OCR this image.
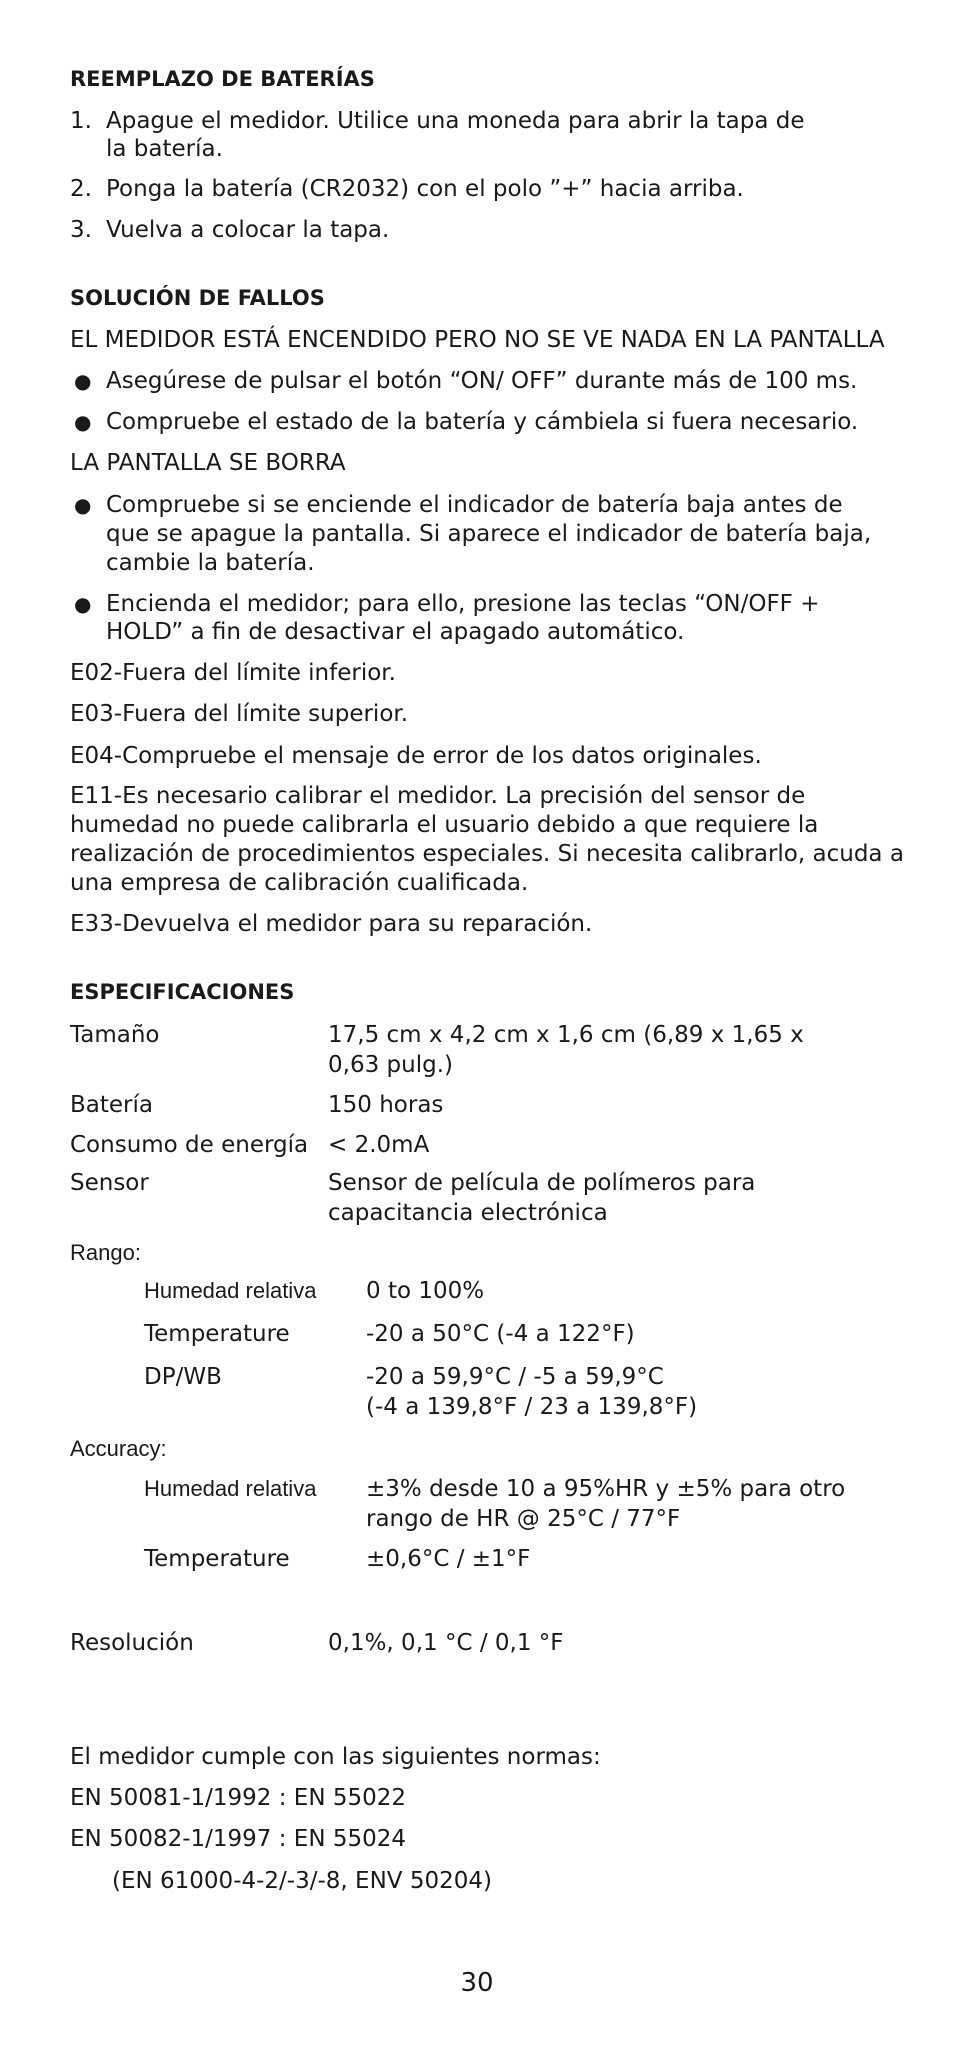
REEMPLAZO DE BATERÍAS
1. Apague el medidor. Utilice una moneda para abrir la tapa de
la batería.
2. Ponga la batería (CR2032) con el polo ”+” hacia arriba.
3. Vuelva a colocar la tapa.
SOLUCIÓN DE FALLOS
EL MEDIDOR ESTÁ ENCENDIDO PERO NO SE VE NADA EN LA PANTALLA
● Asegúrese de pulsar el botón “ON/ OFF” durante más de 100 ms.
● Compruebe el estado de la batería y cámbiela si fuera necesario.
LA PANTALLA SE BORRA
● Compruebe si se enciende el indicador de batería baja antes de
que se apague la pantalla. Si aparece el indicador de batería baja,
cambie la batería.
● Encienda el medidor; para ello, presione las teclas “ON/OFF +
HOLD” a fin de desactivar el apagado automático.
E02-Fuera del límite inferior.
E03-Fuera del límite superior.
E04-Compruebe el mensaje de error de los datos originales.
E11-Es necesario calibrar el medidor. La precisión del sensor de
humedad no puede calibrarla el usuario debido a que requiere la
realización de procedimientos especiales. Si necesita calibrarlo, acuda a
una empresa de calibración cualificada.
E33-Devuelva el medidor para su reparación.
ESPECIFICACIONES
Tamaño	17,5 cm x 4,2 cm x 1,6 cm (6,89 x 1,65 x
0,63 pulg.)
Batería	150 horas
Consumo de energía < 2.0mA
Sensor	Sensor de película de polímeros para
capacitancia electrónica
Rango:
Humedad relativa 0 to 100%
Temperature	-20 a 50°C (-4 a 122°F)
DP/WB	-20 a 59,9°C / -5 a 59,9°C
(-4 a 139,8°F / 23 a 139,8°F)
Accuracy:
Humedad relativa ±3% desde 10 a 95%HR y ±5% para otro
rango de HR @ 25°C / 77°F
Temperature	±0,6°C / ±1°F
Resolución	0,1%, 0,1 °C / 0,1 °F
El medidor cumple con las siguientes normas:
EN 50081-1/1992 : EN 55022
EN 50082-1/1997 : EN 55024
(EN 61000-4-2/-3/-8, ENV 50204)
30
